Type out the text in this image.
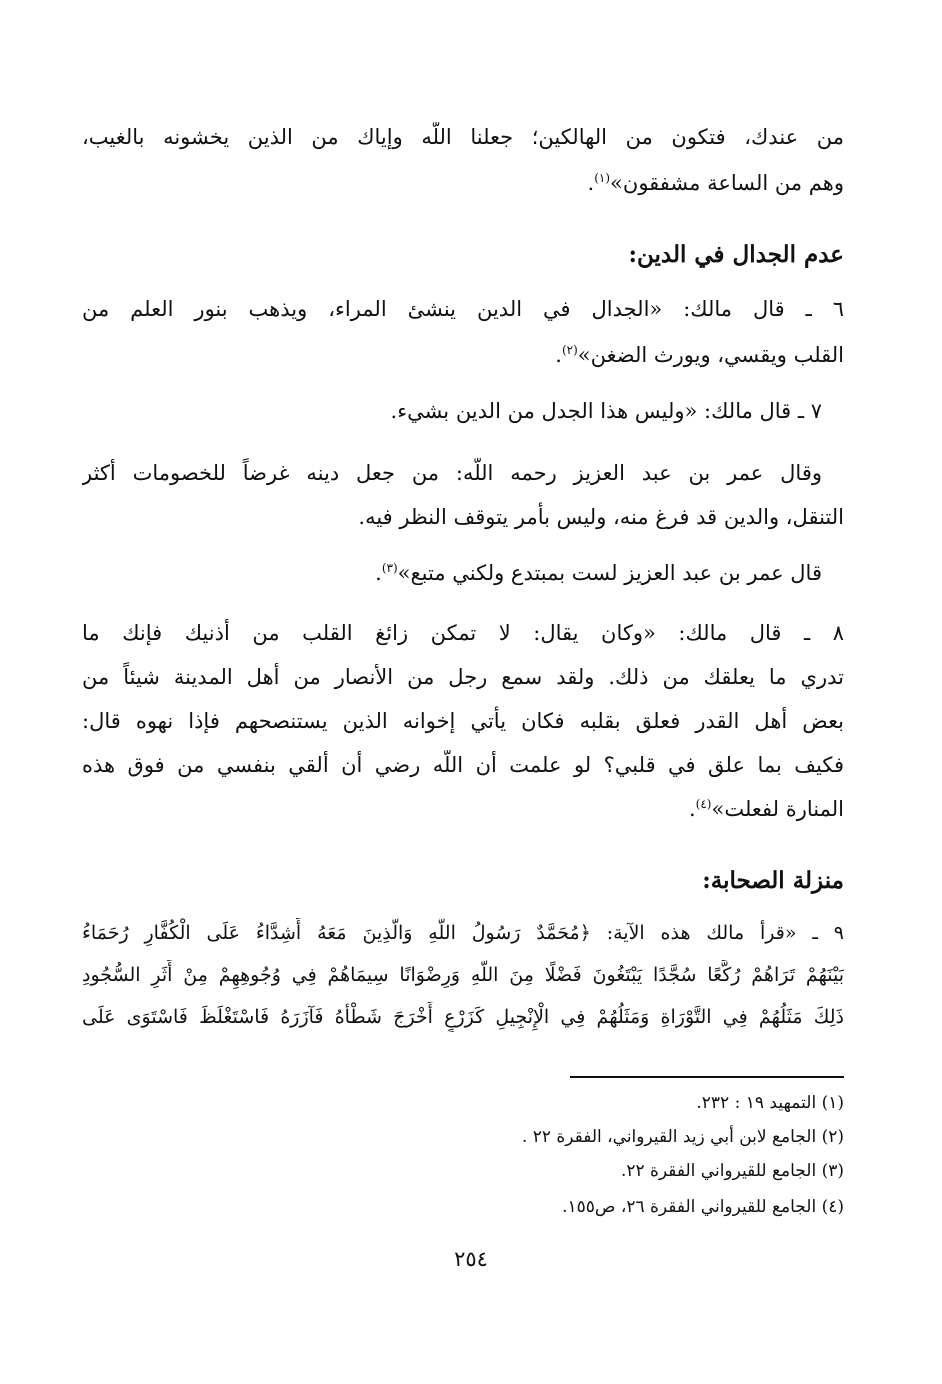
من عندك، فتكون من الهالكين؛ جعلنا اللّه وإياك من الذين يخشونه بالغيب،
وهم من الساعة مشفقون»$^{(١)}$.
عدم الجدال في الدين:
٦ ـ قال مالك: «الجدال في الدين ينشئ المراء، ويذهب بنور العلم من
القلب ويقسي، ويورث الضغن»$^{(٢)}$.
٧ ـ قال مالك: «وليس هذا الجدل من الدين بشيء.
وقال عمر بن عبد العزيز رحمه اللّه: من جعل دينه غرضاً للخصومات أكثر
التنقل، والدين قد فرغ منه، وليس بأمر يتوقف النظر فيه.
قال عمر بن عبد العزيز لست بمبتدع ولكني متبع»$^{(٣)}$.
٨ ـ قال مالك: «وكان يقال: لا تمكن زائغ القلب من أذنيك فإنك ما
تدري ما يعلقك من ذلك. ولقد سمع رجل من الأنصار من أهل المدينة شيئاً من
بعض أهل القدر فعلق بقلبه فكان يأتي إخوانه الذين يستنصحهم فإذا نهوه قال:
فكيف بما علق في قلبي؟ لو علمت أن اللّه رضي أن ألقي بنفسي من فوق هذه
المنارة لفعلت»$^{(٤)}$.
منزلة الصحابة:
٩ ـ «قرأ مالك هذه الآية: ﴿مُحَمَّدٌ رَسُولُ اللَّهِ وَالَّذِينَ مَعَهُ أَشِدَّاءُ عَلَى الْكُفَّارِ رُحَمَاءُ
بَيْنَهُمْ تَرَاهُمْ رُكَّعًا سُجَّدًا يَبْتَغُونَ فَضْلًا مِنَ اللَّهِ وَرِضْوَانًا سِيمَاهُمْ فِي وُجُوهِهِمْ مِنْ أَثَرِ السُّجُودِ
ذَلِكَ مَثَلُهُمْ فِي التَّوْرَاةِ وَمَثَلُهُمْ فِي الْإِنْجِيلِ كَزَرْعٍ أَخْرَجَ شَطْأَهُ فَآزَرَهُ فَاسْتَغْلَظَ فَاسْتَوَى عَلَى
(١) التمهيد ١٩ : ٢٣٢.
(٢) الجامع لابن أبي زيد القيرواني، الفقرة ٢٢ .
(٣) الجامع للقيرواني الفقرة ٢٢.
(٤) الجامع للقيرواني الفقرة ٢٦، ص١٥٥.
٢٥٤
